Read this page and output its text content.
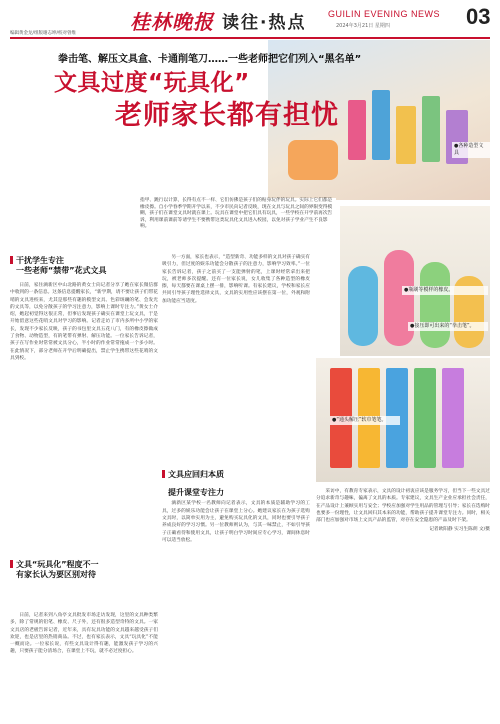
编辑黄金龙/组版谢志坤/校对曾维	桂林晚报 读往·热点 GUILIN EVENING NEWS
2024年3月21日 星期四	03
●各种造型文具
●瓶刷等模样的橡皮。
●接压即可出来的“拳击笔”。
●“通头解压”软巾笔笔。
拳击笔、解压文具盒、卡通削笔刀……一些老师把它们列入“黑名单”
文具过度“玩具化”
老师家长都有担忧
指甲、跳行以计算，长得有点不一样、它们仿佛是孩子们的贴身玩伴的玩具。实际上它们都是橡皮擦。自小学春季学期开学以来，不少市民向记者反映，现在文具与玩具之间的界限变得模糊，孩子们在课堂文具时就在课上。玩具在课堂中把它们具有玩具，一些学校在开学前再次告诉，利用课前课前等请学生不要携带这类玩具化文具进入校园，以免对孩子学业产生不良影响。
干扰学生专注
一些老师“禁带”花式文具

日前，家住漓新区中山北路的黄女士向记者分享了她在家长微信群中收到的一条信息。这条信息提醒家长，“新学期，请不要让孩子们带花哨的文具进校来，尤其是那些有趣的模型文具、色彩斑斓的笔、会发光的文具等，以免分散孩子的学习注意力，影响上课时专注力。”黄女士介绍，她起初觉得这很正常，但事后发现孩子确实在课堂上玩文具，于是开始留意这些花哨文具对学习的影响。记者走访了市内多所中小学的家长，发现不少家长反映，孩子的书包里文具五花八门，有的橡皮擦做成了食物、动物造型，有的笔带有弹射、解压功能。一位家长告诉记者，孩子在写作业时常常被文具分心，半小时的作业常常拖成一个多小时。在此情况下，部分老师在开学后明确提出，禁止学生携带这些花哨的文具到校。

另一方面，家长也表示，“造型新奇、功能多样的文具对孩子确实有吸引力，但过度的娱乐功能会分散孩子的注意力，影响学习效率。”一位家长告诉记者，孩子之前买了一支能弹射的笔，上课时经常拿出来把玩，被老师多次提醒。还有一位家长说，女儿收集了各种造型的橡皮擦，每天都要在课桌上摆一排，影响听课。有家长建议，学校和家长应共同引导孩子理性选择文具，文具的实用性应该摆在第一位，外观和附加功能应当适度。

文具“玩具化”程度不一
有家长认为要区别对待

日前，记者来到八角亭文具批发市场走访发现，这里的文具种类繁多，除了常规的铅笔、橡皮、尺子外，还有很多造型奇特的文具。一家文具店的老板告诉记者，近年来，具有玩具功能的文具越来越受孩子们欢迎，也是店里的热销商品。不过，也有家长表示，文具“玩具化”不能一概而论。一位家长说，有些文具设计得有趣，能激发孩子学习的兴趣，只要孩子能分清场合，在课堂上不玩，就不必过度担心。

文具应回归本质
提升课堂专注力

漓新区某学校一名教师向记者表示，文具的本质是辅助学习的工具，过多的娱乐功能会让孩子在课堂上分心。她建议家长在为孩子选购文具时，以简单实用为主，避免购买玩具化的文具，同时也要引导孩子养成良好的学习习惯。另一位教师则认为，与其一味禁止，不如引导孩子正确看待和使用文具，让孩子明白学习时间应专心学习，课间休息时可以适当放松。

采访中，有教育专家表示，文具的设计初衷应该是服务学习，但当下一些文具过分追求新奇与趣味，偏离了文具的本质。专家建议，文具生产企业应承担社会责任，在产品设计上兼顾实用与安全；学校应加强对学生用品的管理与引导；家长在选购时也要多一份理性，让文具回归其本来的功能，帮助孩子提升课堂专注力。同时，相关部门也应加强对市场上文具产品的监管，对存在安全隐患的产品及时下架。

记者欧阳静 实习生陈朗 文/摄
